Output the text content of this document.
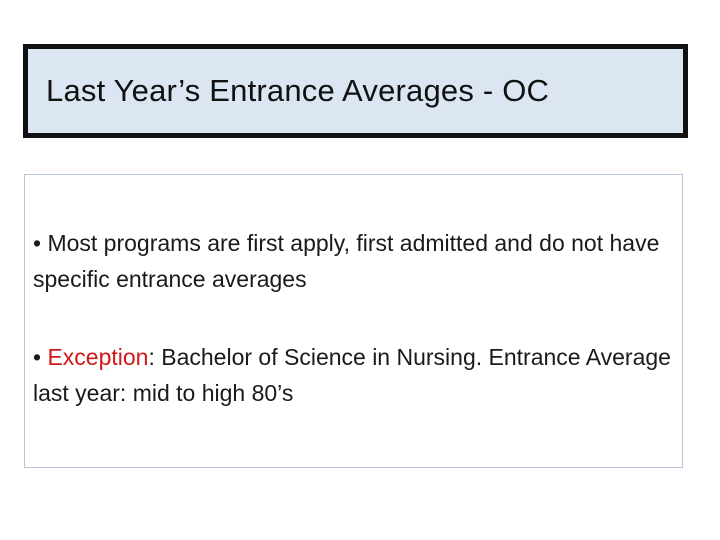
Last Year’s Entrance Averages - OC

• Most programs are first apply, first admitted and do not have specific entrance averages

• Exception: Bachelor of Science in Nursing. Entrance Average last year: mid to high 80’s
